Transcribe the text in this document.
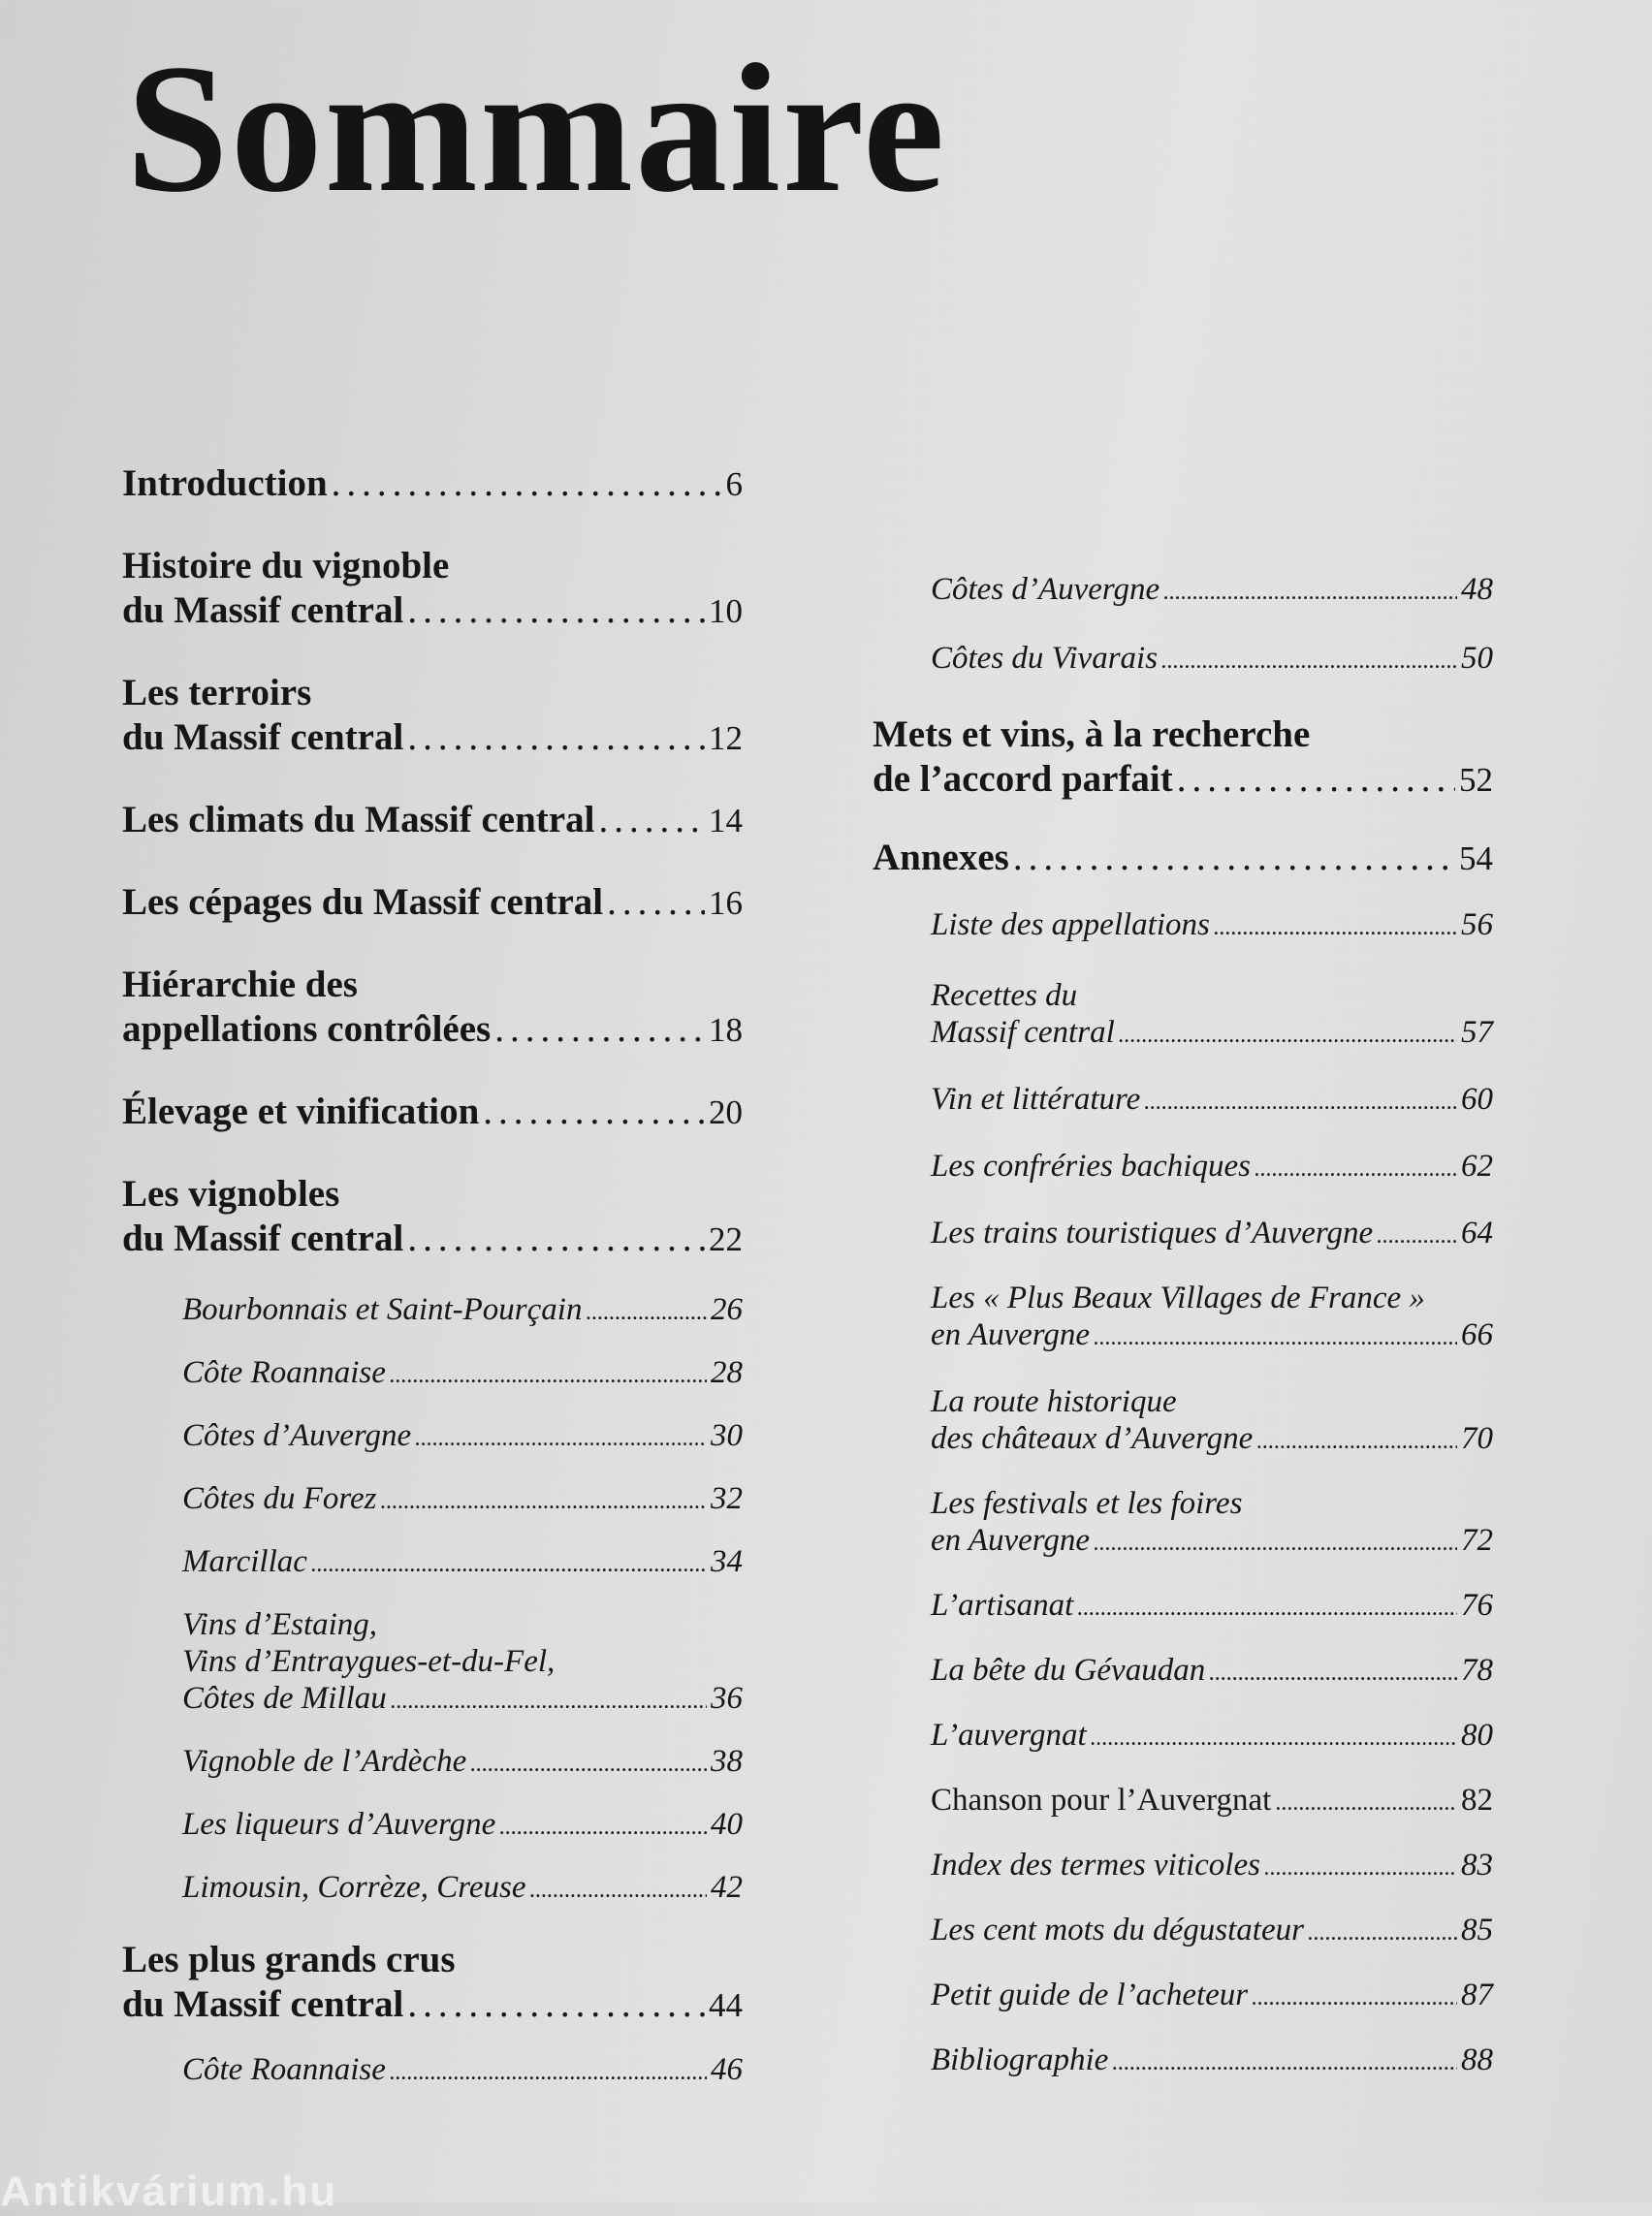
Sommaire
Introduction .....	6
Histoire du vignoble
du Massif central .....	10
Les terroirs
du Massif central .....	12
Les climats du Massif central .....	14
Les cépages du Massif central .....	16
Hiérarchie des
appellations contrôlées .....	18
Élevage et vinification .....	20
Les vignobles
du Massif central .....	22
Bourbonnais et Saint-Pourçain .....	26
Côte Roannaise .....	28
Côtes d’Auvergne .....	30
Côtes du Forez .....	32
Marcillac .....	34
Vins d’Estaing,
Vins d’Entraygues-et-du-Fel,
Côtes de Millau .....	36
Vignoble de l’Ardèche .....	38
Les liqueurs d’Auvergne .....	40
Limousin, Corrèze, Creuse .....	42
Les plus grands crus
du Massif central .....	44
Côte Roannaise .....	46
Côtes d’Auvergne .....	48
Côtes du Vivarais .....	50
Mets et vins, à la recherche
de l’accord parfait .....	52
Annexes .....	54
Liste des appellations .....	56
Recettes du
Massif central .....	57
Vin et littérature .....	60
Les confréries bachiques .....	62
Les trains touristiques d’Auvergne .....	64
Les « Plus Beaux Villages de France »
en Auvergne .....	66
La route historique
des châteaux d’Auvergne .....	70
Les festivals et les foires
en Auvergne .....	72
L’artisanat .....	76
La bête du Gévaudan .....	78
L’auvergnat .....	80
Chanson pour l’Auvergnat .....	82
Index des termes viticoles .....	83
Les cent mots du dégustateur .....	85
Petit guide de l’acheteur .....	87
Bibliographie .....	88
Antikvárium.hu
